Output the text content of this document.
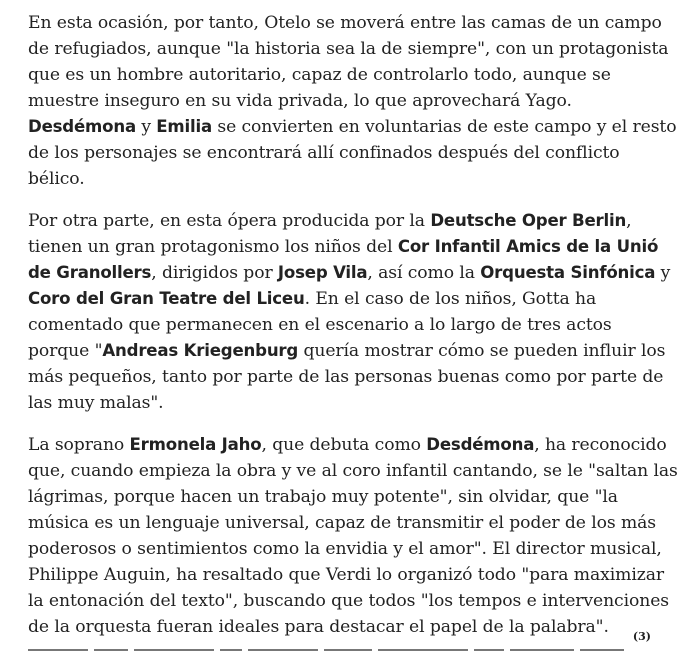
En esta ocasión, por tanto, Otelo se moverá entre las camas de un campo de refugiados, aunque "la historia sea la de siempre", con un protagonista que es un hombre autoritario, capaz de controlarlo todo, aunque se muestre inseguro en su vida privada, lo que aprovechará Yago. Desdémona y Emilia se convierten en voluntarias de este campo y el resto de los personajes se encontrará allí confinados después del conflicto bélico.

Por otra parte, en esta ópera producida por la Deutsche Oper Berlin, tienen un gran protagonismo los niños del Cor Infantil Amics de la Unió de Granollers, dirigidos por Josep Vila, así como la Orquesta Sinfónica y Coro del Gran Teatre del Liceu. En el caso de los niños, Gotta ha comentado que permanecen en el escenario a lo largo de tres actos porque "Andreas Kriegenburg quería mostrar cómo se pueden influir los más pequeños, tanto por parte de las personas buenas como por parte de las muy malas".

La soprano Ermonela Jaho, que debuta como Desdémona, ha reconocido que, cuando empieza la obra y ve al coro infantil cantando, se le "saltan las lágrimas, porque hacen un trabajo muy potente", sin olvidar, que "la música es un lenguaje universal, capaz de transmitir el poder de los más poderosos o sentimientos como la envidia y el amor". El director musical, Philippe Auguin, ha resaltado que Verdi lo organizó todo "para maximizar la entonación del texto", buscando que todos "los tempos e intervenciones de la orquesta fueran ideales para destacar el papel de la palabra".	(3)
